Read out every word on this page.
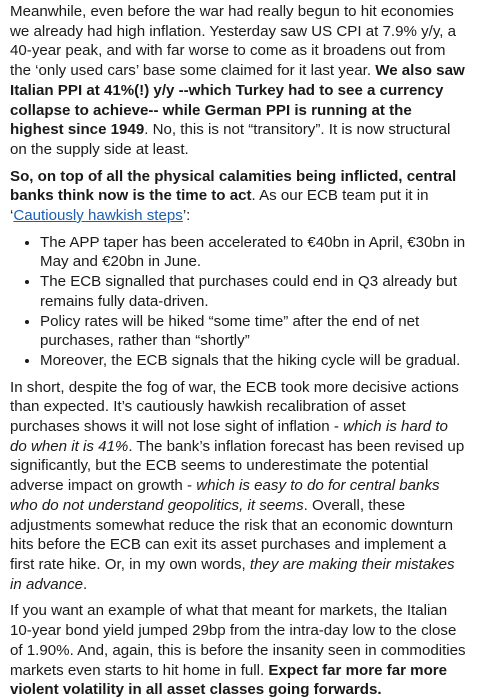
Meanwhile, even before the war had really begun to hit economies we already had high inflation. Yesterday saw US CPI at 7.9% y/y, a 40-year peak, and with far worse to come as it broadens out from the ‘only used cars’ base some claimed for it last year. We also saw Italian PPI at 41%(!) y/y --which Turkey had to see a currency collapse to achieve-- while German PPI is running at the highest since 1949. No, this is not “transitory”. It is now structural on the supply side at least.

So, on top of all the physical calamities being inflicted, central banks think now is the time to act. As our ECB team put it in ‘Cautiously hawkish steps’:

• The APP taper has been accelerated to €40bn in April, €30bn in May and €20bn in June.
• The ECB signalled that purchases could end in Q3 already but remains fully data-driven.
• Policy rates will be hiked “some time” after the end of net purchases, rather than “shortly”
• Moreover, the ECB signals that the hiking cycle will be gradual.

In short, despite the fog of war, the ECB took more decisive actions than expected. It’s cautiously hawkish recalibration of asset purchases shows it will not lose sight of inflation - which is hard to do when it is 41%. The bank’s inflation forecast has been revised up significantly, but the ECB seems to underestimate the potential adverse impact on growth - which is easy to do for central banks who do not understand geopolitics, it seems. Overall, these adjustments somewhat reduce the risk that an economic downturn hits before the ECB can exit its asset purchases and implement a first rate hike. Or, in my own words, they are making their mistakes in advance.

If you want an example of what that meant for markets, the Italian 10-year bond yield jumped 29bp from the intra-day low to the close of 1.90%. And, again, this is before the insanity seen in commodities markets even starts to hit home in full. Expect far more far more violent volatility in all asset classes going forwards.
